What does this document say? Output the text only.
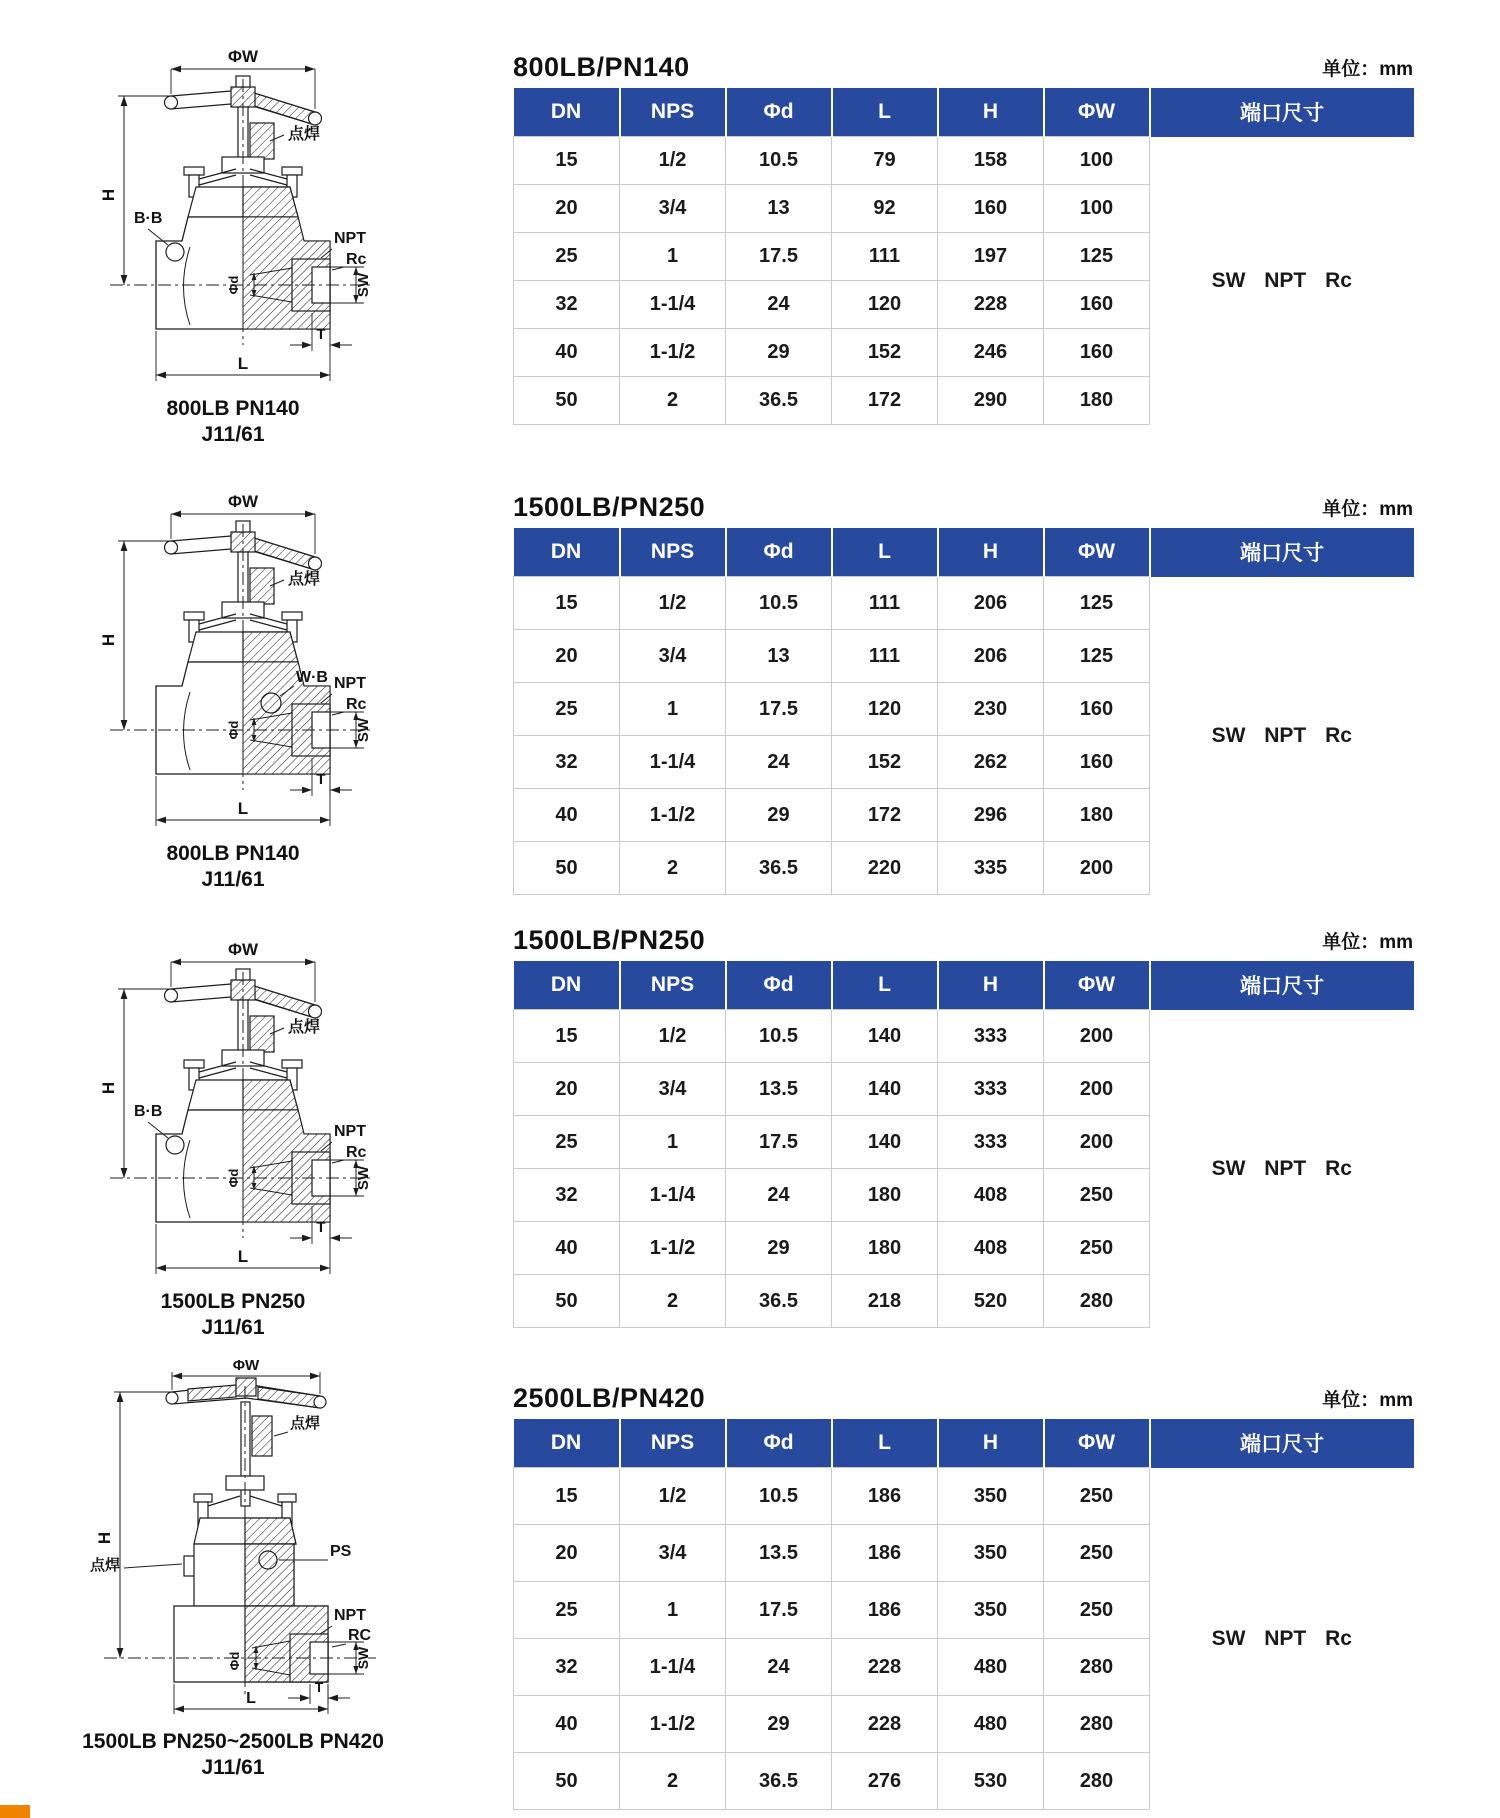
ΦW
H
L
T
SW
Φd
点焊
NPT
Rc
B·B
800LB PN140
J11/61
ΦW
H
L
T
SW
Φd
点焊
NPT
Rc
W·B
800LB PN140
J11/61
ΦW
H
L
T
SW
Φd
点焊
NPT
Rc
B·B
1500LB PN250
J11/61
ΦW
H
L
T
SW
Φd
点焊
点焊
PS
NPT
RC
1500LB PN250~2500LB PN420
J11/61
800LB/PN140	单位：mm
DN	NPS	Φd	L	H	ΦW	端口尺寸
15	1/2	10.5	79	158	100	SW NPT Rc
20	3/4	13	92	160	100	
25	1	17.5	111	197	125	
32	1-1/4	24	120	228	160	
40	1-1/2	29	152	246	160	
50	2	36.5	172	290	180	
1500LB/PN250	单位：mm
DN	NPS	Φd	L	H	ΦW	端口尺寸
15	1/2	10.5	111	206	125	SW NPT Rc
20	3/4	13	111	206	125	
25	1	17.5	120	230	160	
32	1-1/4	24	152	262	160	
40	1-1/2	29	172	296	180	
50	2	36.5	220	335	200	
1500LB/PN250	单位：mm
DN	NPS	Φd	L	H	ΦW	端口尺寸
15	1/2	10.5	140	333	200	SW NPT Rc
20	3/4	13.5	140	333	200	
25	1	17.5	140	333	200	
32	1-1/4	24	180	408	250	
40	1-1/2	29	180	408	250	
50	2	36.5	218	520	280	
2500LB/PN420	单位：mm
DN	NPS	Φd	L	H	ΦW	端口尺寸
15	1/2	10.5	186	350	250	SW NPT Rc
20	3/4	13.5	186	350	250	
25	1	17.5	186	350	250	
32	1-1/4	24	228	480	280	
40	1-1/2	29	228	480	280	
50	2	36.5	276	530	280	
